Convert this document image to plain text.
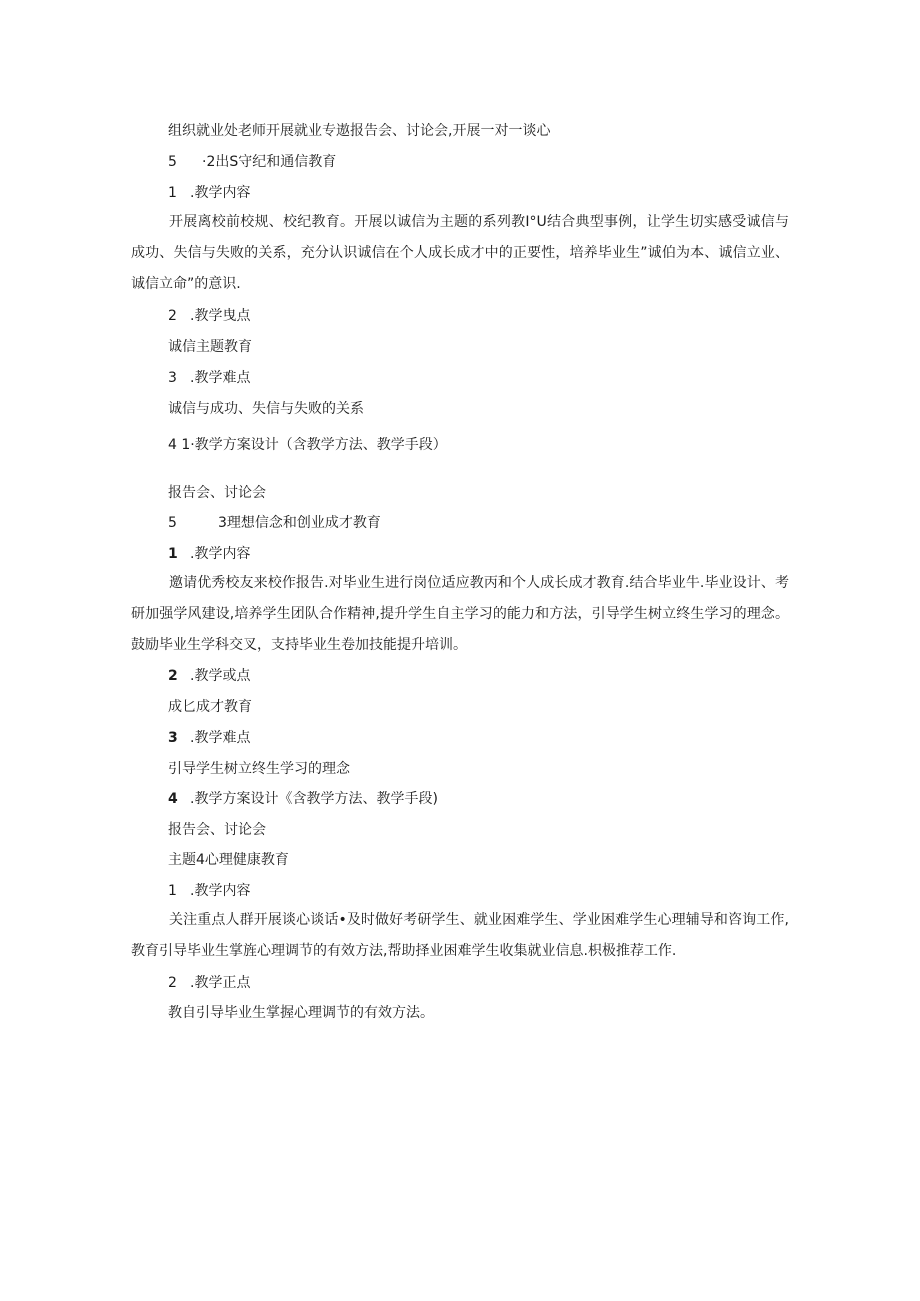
组织就业处老师开展就业专遨报告会、讨论会,开展一对一谈心
5 ·2出S守纪和通信教育
1 .教学内容
开展离校前校规、校纪教育。开展以诚信为主题的系列教I°U结合典型事例，让学生切实感受诚信与成功、失信与失败的关系，充分认识诚信在个人成长成才中的正要性，培养毕业生”诚伯为本、诚信立业、诚信立命”的意识.
2 .教学曳点
诚信主题教育
3 .教学难点
诚信与成功、失信与失败的关系
4 1·教学方案设计（含教学方法、教学手段）
报告会、讨论会
5	3理想信念和创业成才教育
1 .教学内容
邀请优秀校友来校作报告.对毕业生进行岗位适应教丙和个人成长成才教育.结合毕业牛.毕业设计、考研加强学风建设,培养学生团队合作精神,提升学生自主学习的能力和方法，引导学生树立终生学习的理念。鼓励毕业生学科交叉，支持毕业生卷加技能提升培训。
2 .教学或点
成匕成才教育
3 .教学难点
引导学生树立终生学习的理念
4 .教学方案设计《含教学方法、教学手段)
报告会、讨论会
主题4心理健康教育
1 .教学内容
关注重点人群开展谈心谈话•及时做好考研学生、就业困难学生、学业困难学生心理辅导和咨询工作,教育引导毕业生掌旌心理调节的有效方法,帮助择业困难学生收集就业信息.枳极推荐工作.
2 .教学正点
教自引导毕业生掌握心理调节的有效方法。
